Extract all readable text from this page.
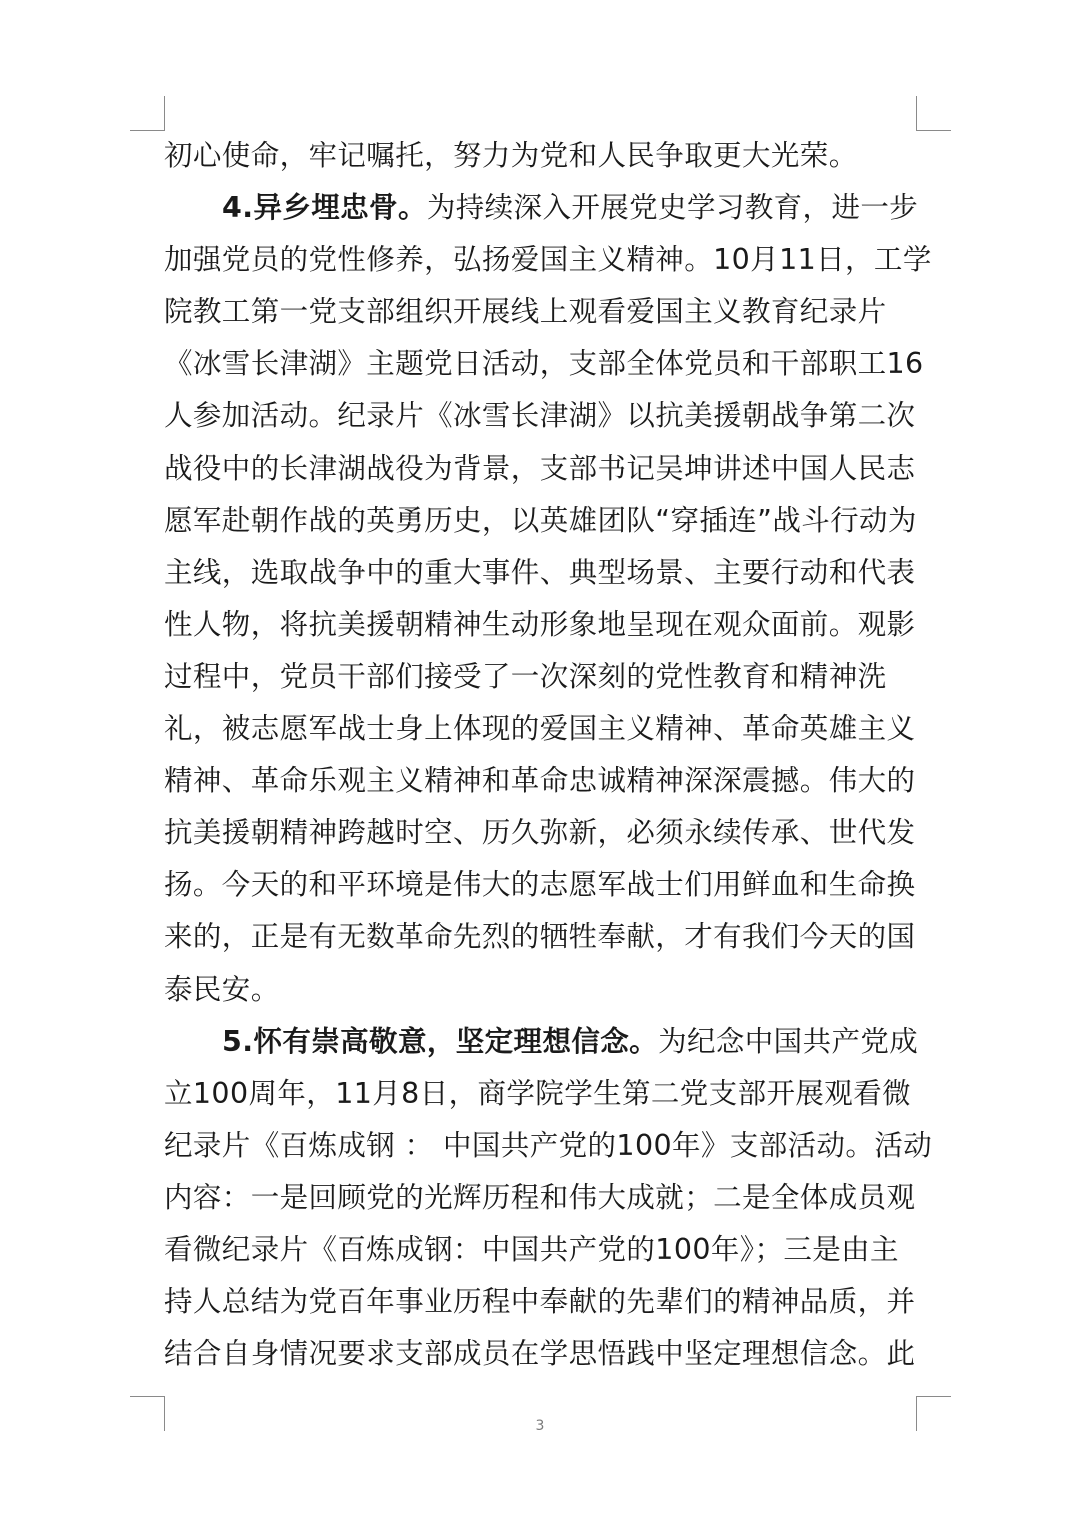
初心使命，牢记嘱托，努力为党和人民争取更大光荣。
4.异乡埋忠骨。为持续深入开展党史学习教育，进一步
加强党员的党性修养，弘扬爱国主义精神。10月11日，工学
院教工第一党支部组织开展线上观看爱国主义教育纪录片
《冰雪长津湖》主题党日活动，支部全体党员和干部职工16
人参加活动。纪录片《冰雪长津湖》以抗美援朝战争第二次
战役中的长津湖战役为背景，支部书记吴坤讲述中国人民志
愿军赴朝作战的英勇历史，以英雄团队“穿插连”战斗行动为
主线，选取战争中的重大事件、典型场景、主要行动和代表
性人物，将抗美援朝精神生动形象地呈现在观众面前。观影
过程中，党员干部们接受了一次深刻的党性教育和精神洗
礼，被志愿军战士身上体现的爱国主义精神、革命英雄主义
精神、革命乐观主义精神和革命忠诚精神深深震撼。伟大的
抗美援朝精神跨越时空、历久弥新，必须永续传承、世代发
扬。今天的和平环境是伟大的志愿军战士们用鲜血和生命换
来的，正是有无数革命先烈的牺牲奉献，才有我们今天的国
泰民安。
5.怀有崇高敬意，坚定理想信念。为纪念中国共产党成
立100周年，11月8日，商学院学生第二党支部开展观看微
纪录片《百炼成钢 ： 中国共产党的100年》支部活动。活动
内容：一是回顾党的光辉历程和伟大成就；二是全体成员观
看微纪录片《百炼成钢：中国共产党的100年》；三是由主
持人总结为党百年事业历程中奉献的先辈们的精神品质，并
结合自身情况要求支部成员在学思悟践中坚定理想信念。此
3
